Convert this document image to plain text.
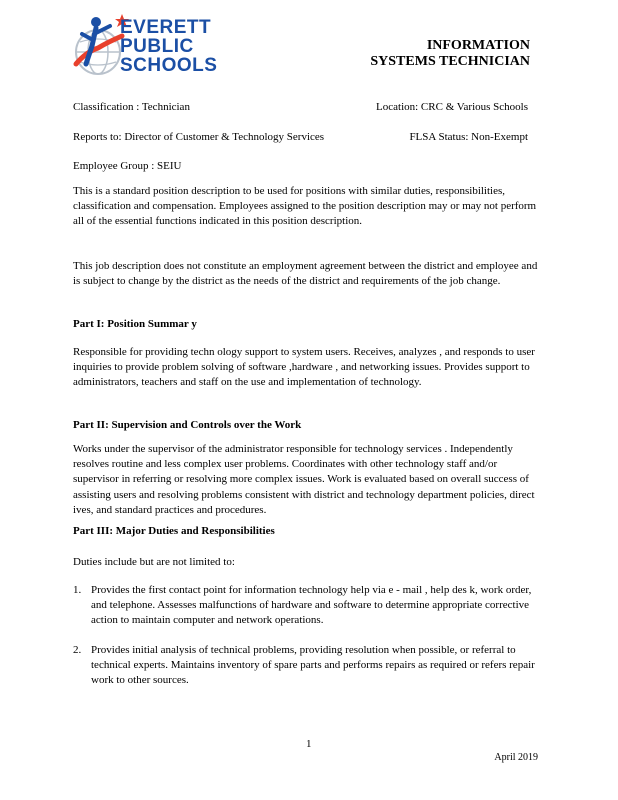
EVERETT
PUBLIC
SCHOOLS
INFORMATION
SYSTEMS TECHNICIAN
Classification : Technician	Location: CRC & Various Schools
Reports to: Director of Customer & Technology Services	FLSA Status: Non-Exempt
Employee Group : SEIU

This is a standard position description to be used for positions with similar duties, responsibilities, classification and compensation. Employees assigned to the position description may or may not perform all of the essential functions indicated in this position description.

This job description does not constitute an employment agreement between the district and employee and is subject to change by the district as the needs of the district and requirements of the job change.

Part I: Position Summar y

Responsible for providing techn ology support to system users. Receives, analyzes , and responds to user inquiries to provide problem solving of software ,hardware , and networking issues. Provides support to administrators, teachers and staff on the use and implementation of technology.

Part II: Supervision and Controls over the Work

Works under the supervisor of the administrator responsible for technology services . Independently resolves routine and less complex user problems. Coordinates with other technology staff and/or supervisor in referring or resolving more complex issues. Work is evaluated based on overall success of assisting users and resolving problems consistent with district and technology department policies, direct ives, and standard practices and procedures.

Part III: Major Duties and Responsibilities
Duties include but are not limited to:
1. Provides the first contact point for information technology help via e - mail , help des k, work order, and telephone. Assesses malfunctions of hardware and software to determine appropriate corrective action to maintain computer and network operations.
2. Provides initial analysis of technical problems, providing resolution when possible, or referral to technical experts. Maintains inventory of spare parts and performs repairs as required or refers repair work to other sources.
1
April 2019
